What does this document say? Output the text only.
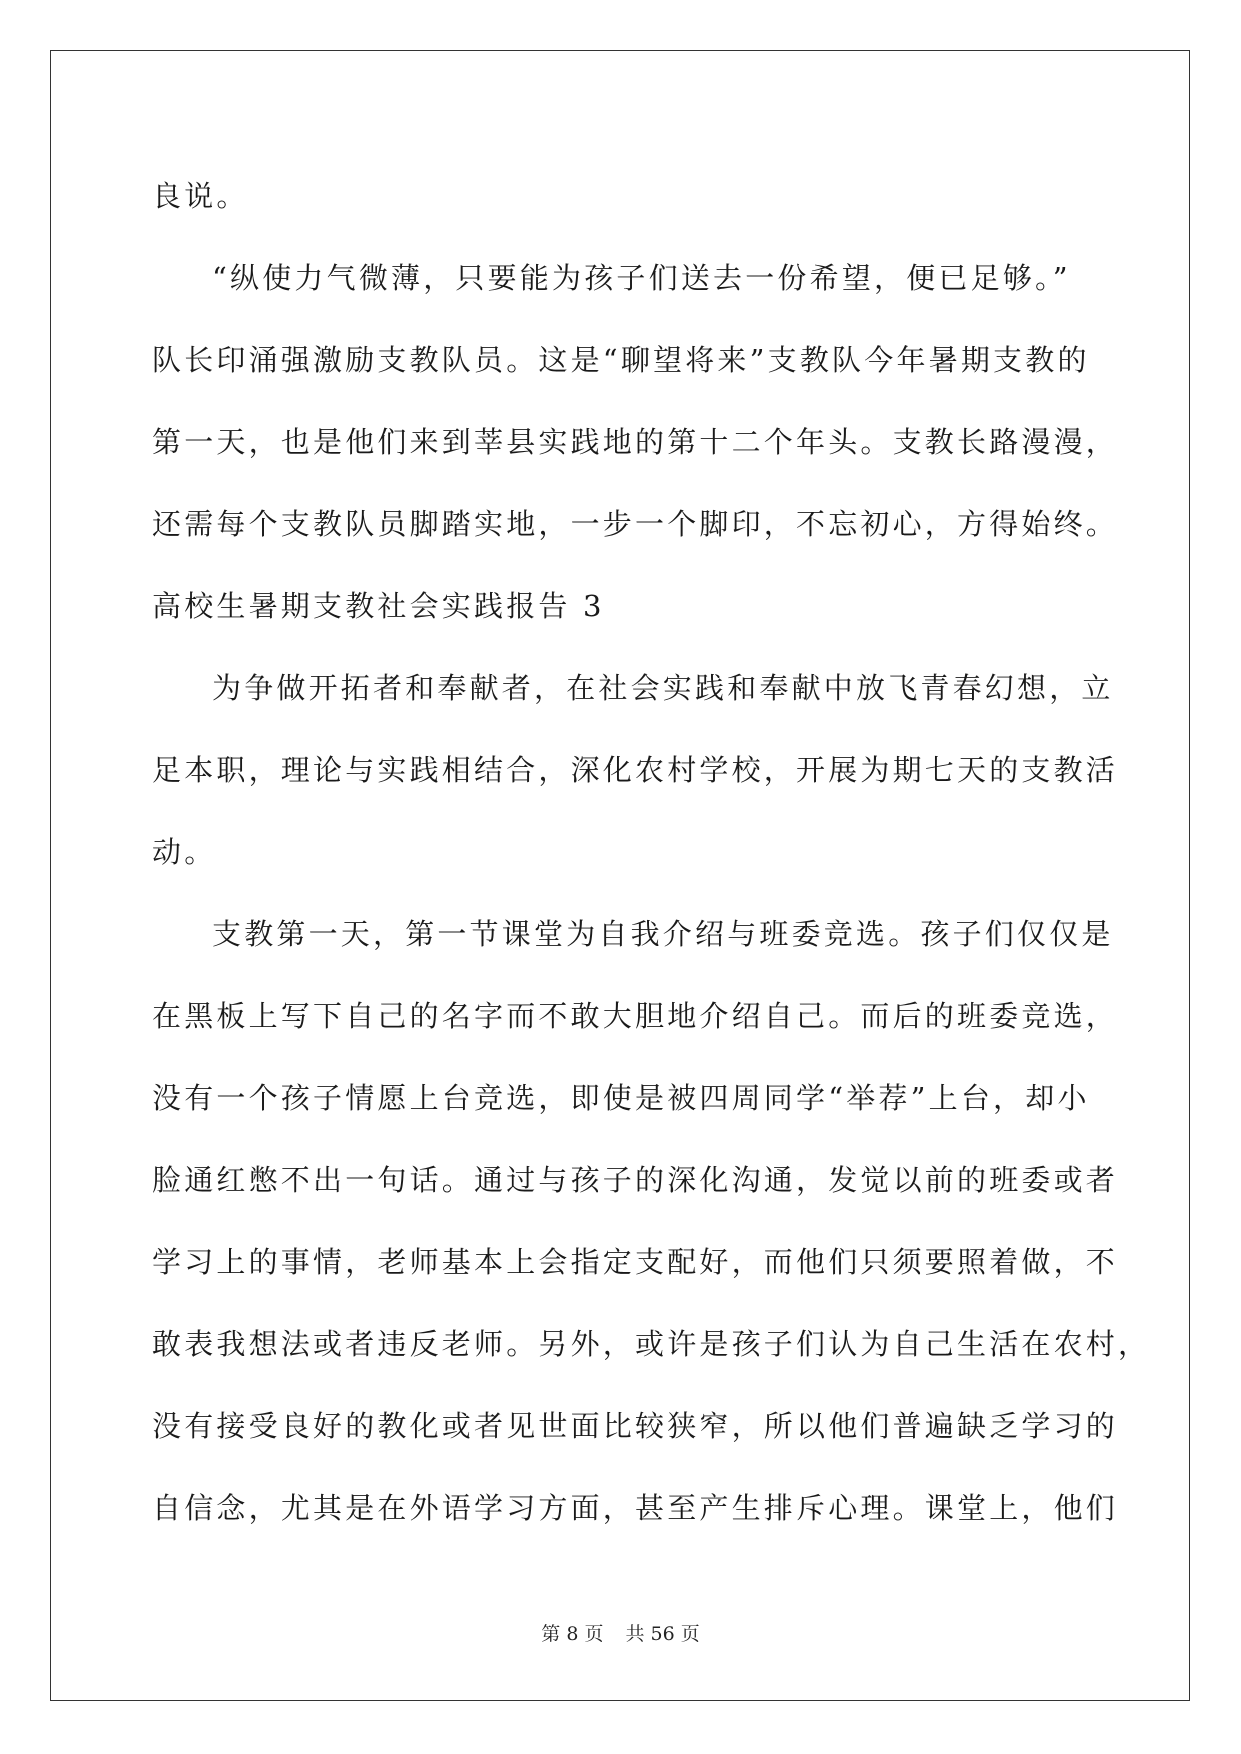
良说。
“纵使力气微薄，只要能为孩子们送去一份希望，便已足够。”
队长印涌强激励支教队员。这是“聊望将来”支教队今年暑期支教的
第一天，也是他们来到莘县实践地的第十二个年头。支教长路漫漫，
还需每个支教队员脚踏实地，一步一个脚印，不忘初心，方得始终。
高校生暑期支教社会实践报告 3
为争做开拓者和奉献者，在社会实践和奉献中放飞青春幻想，立
足本职，理论与实践相结合，深化农村学校，开展为期七天的支教活
动。
支教第一天，第一节课堂为自我介绍与班委竞选。孩子们仅仅是
在黑板上写下自己的名字而不敢大胆地介绍自己。而后的班委竞选，
没有一个孩子情愿上台竞选，即使是被四周同学“举荐”上台，却小
脸通红憋不出一句话。通过与孩子的深化沟通，发觉以前的班委或者
学习上的事情，老师基本上会指定支配好，而他们只须要照着做，不
敢表我想法或者违反老师。另外，或许是孩子们认为自己生活在农村，
没有接受良好的教化或者见世面比较狭窄，所以他们普遍缺乏学习的
自信念，尤其是在外语学习方面，甚至产生排斥心理。课堂上，他们
第 8 页 共 56 页
